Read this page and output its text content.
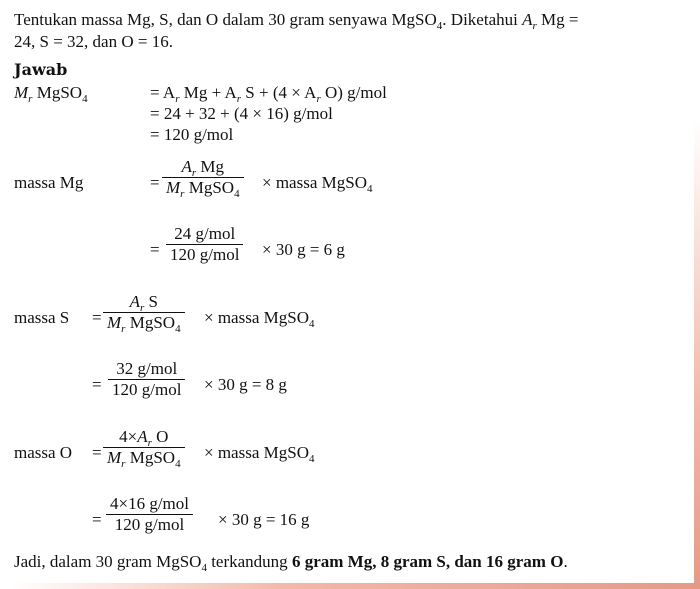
Tentukan massa Mg, S, dan O dalam 30 gram senyawa MgSO$_4$. Diketahui $A_r$ Mg =
24, S = 32, dan O = 16.
Jawab
$M_r$ MgSO$_4$	= $A_r$ $Mg + A_r$ $S + (4 \times A_r$ O) g/mol
= 24 + 32 + (4 × 16) g/mol
= 120 g/mol
massa Mg	=
$A_r$ Mg
$M_r$ MgSO$_4$
× massa MgSO$_4$
=
24 g/mol
120 g/mol × 30 g = 6 g
massa S =
$A_r$ S
$M_r$ MgSO$_4$
× massa MgSO$_4$
=
32 g/mol
120 g/mol × 30 g = 8 g
massa O =
$4\times A_r$ O
$M_r$ MgSO$_4$
× massa MgSO$_4$
=
4×16 g/mol
120 g/mol	× 30 g = 16 g
Jadi, dalam 30 gram MgSO$_4$ terkandung 6 gram Mg, 8 gram S, dan 16 gram O.
